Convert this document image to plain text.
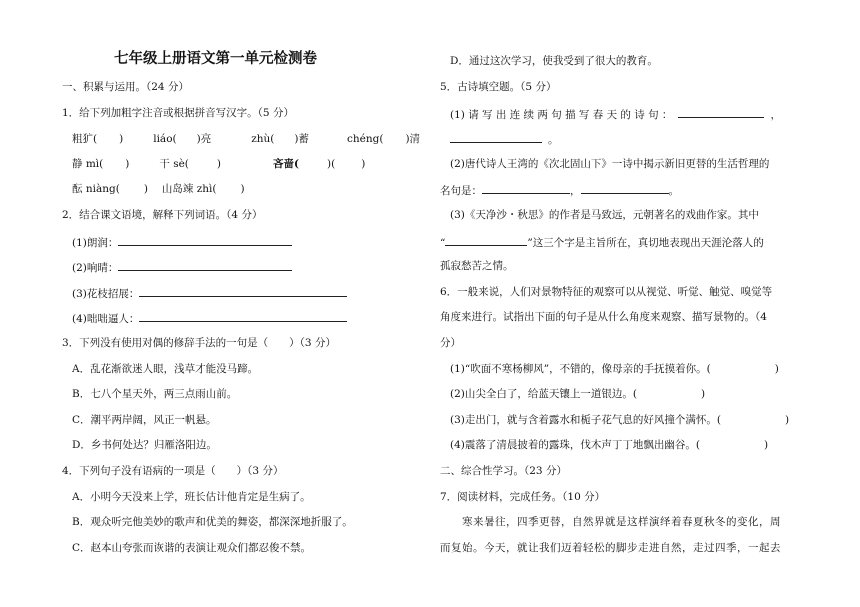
七年级上册语文第一单元检测卷
一、积累与运用。（24 分）
1．给下列加粗字注音或根据拼音写汉字。（5 分）
粗犷( )	liáo( )亮	zhù( )蓄	chéng( )清
静 mì( )	干 sè(	)	吝啬(	)( )
酝 niàng( ) 山岛竦 zhì( )
2．结合课文语境，解释下列词语。（4 分）
(1)朗润：
(2)响晴：
(3)花枝招展：
(4)咄咄逼人：
3．下列没有使用对偶的修辞手法的一句是（　　）（3 分）
A．乱花渐欲迷人眼，浅草才能没马蹄。
B．七八个星天外，两三点雨山前。
C．潮平两岸阔，风正一帆悬。
D．乡书何处达？归雁洛阳边。
4．下列句子没有语病的一项是（　　）（3 分）
A．小明今天没来上学，班长估计他肯定是生病了。
B．观众听完他美妙的歌声和优美的舞姿，都深深地折服了。
C．赵本山夸张而诙谐的表演让观众们都忍俊不禁。
D．通过这次学习，使我受到了很大的教育。
5．古诗填空题。（5 分）
(1) 请 写 出 连 续 两 句 描 写 春 天 的 诗 句 ：	，
。
(2)唐代诗人王湾的《次北固山下》一诗中揭示新旧更替的生活哲理的
名句是：	，	。
(3)《天净沙・秋思》的作者是马致远，元朝著名的戏曲作家。其中
“	”这三个字是主旨所在，真切地表现出天涯沦落人的
孤寂愁苦之情。
6．一般来说，人们对景物特征的观察可以从视觉、听觉、触觉、嗅觉等
角度来进行。试指出下面的句子是从什么角度来观察、描写景物的。（4
分）
(1)“吹面不寒杨柳风”，不错的，像母亲的手抚摸着你。(	)
(2)山尖全白了，给蓝天镶上一道银边。(	)
(3)走出门，就与含着露水和栀子花气息的好风撞个满怀。(	)
(4)震落了清晨披着的露珠，伐木声丁丁地飘出幽谷。(	)
二、综合性学习。（23 分）
7．阅读材料，完成任务。（10 分）
寒来暑往，四季更替，自然界就是这样演绎着春夏秋冬的变化，周
而复始。今天，就让我们迈着轻松的脚步走进自然，走过四季，一起去
